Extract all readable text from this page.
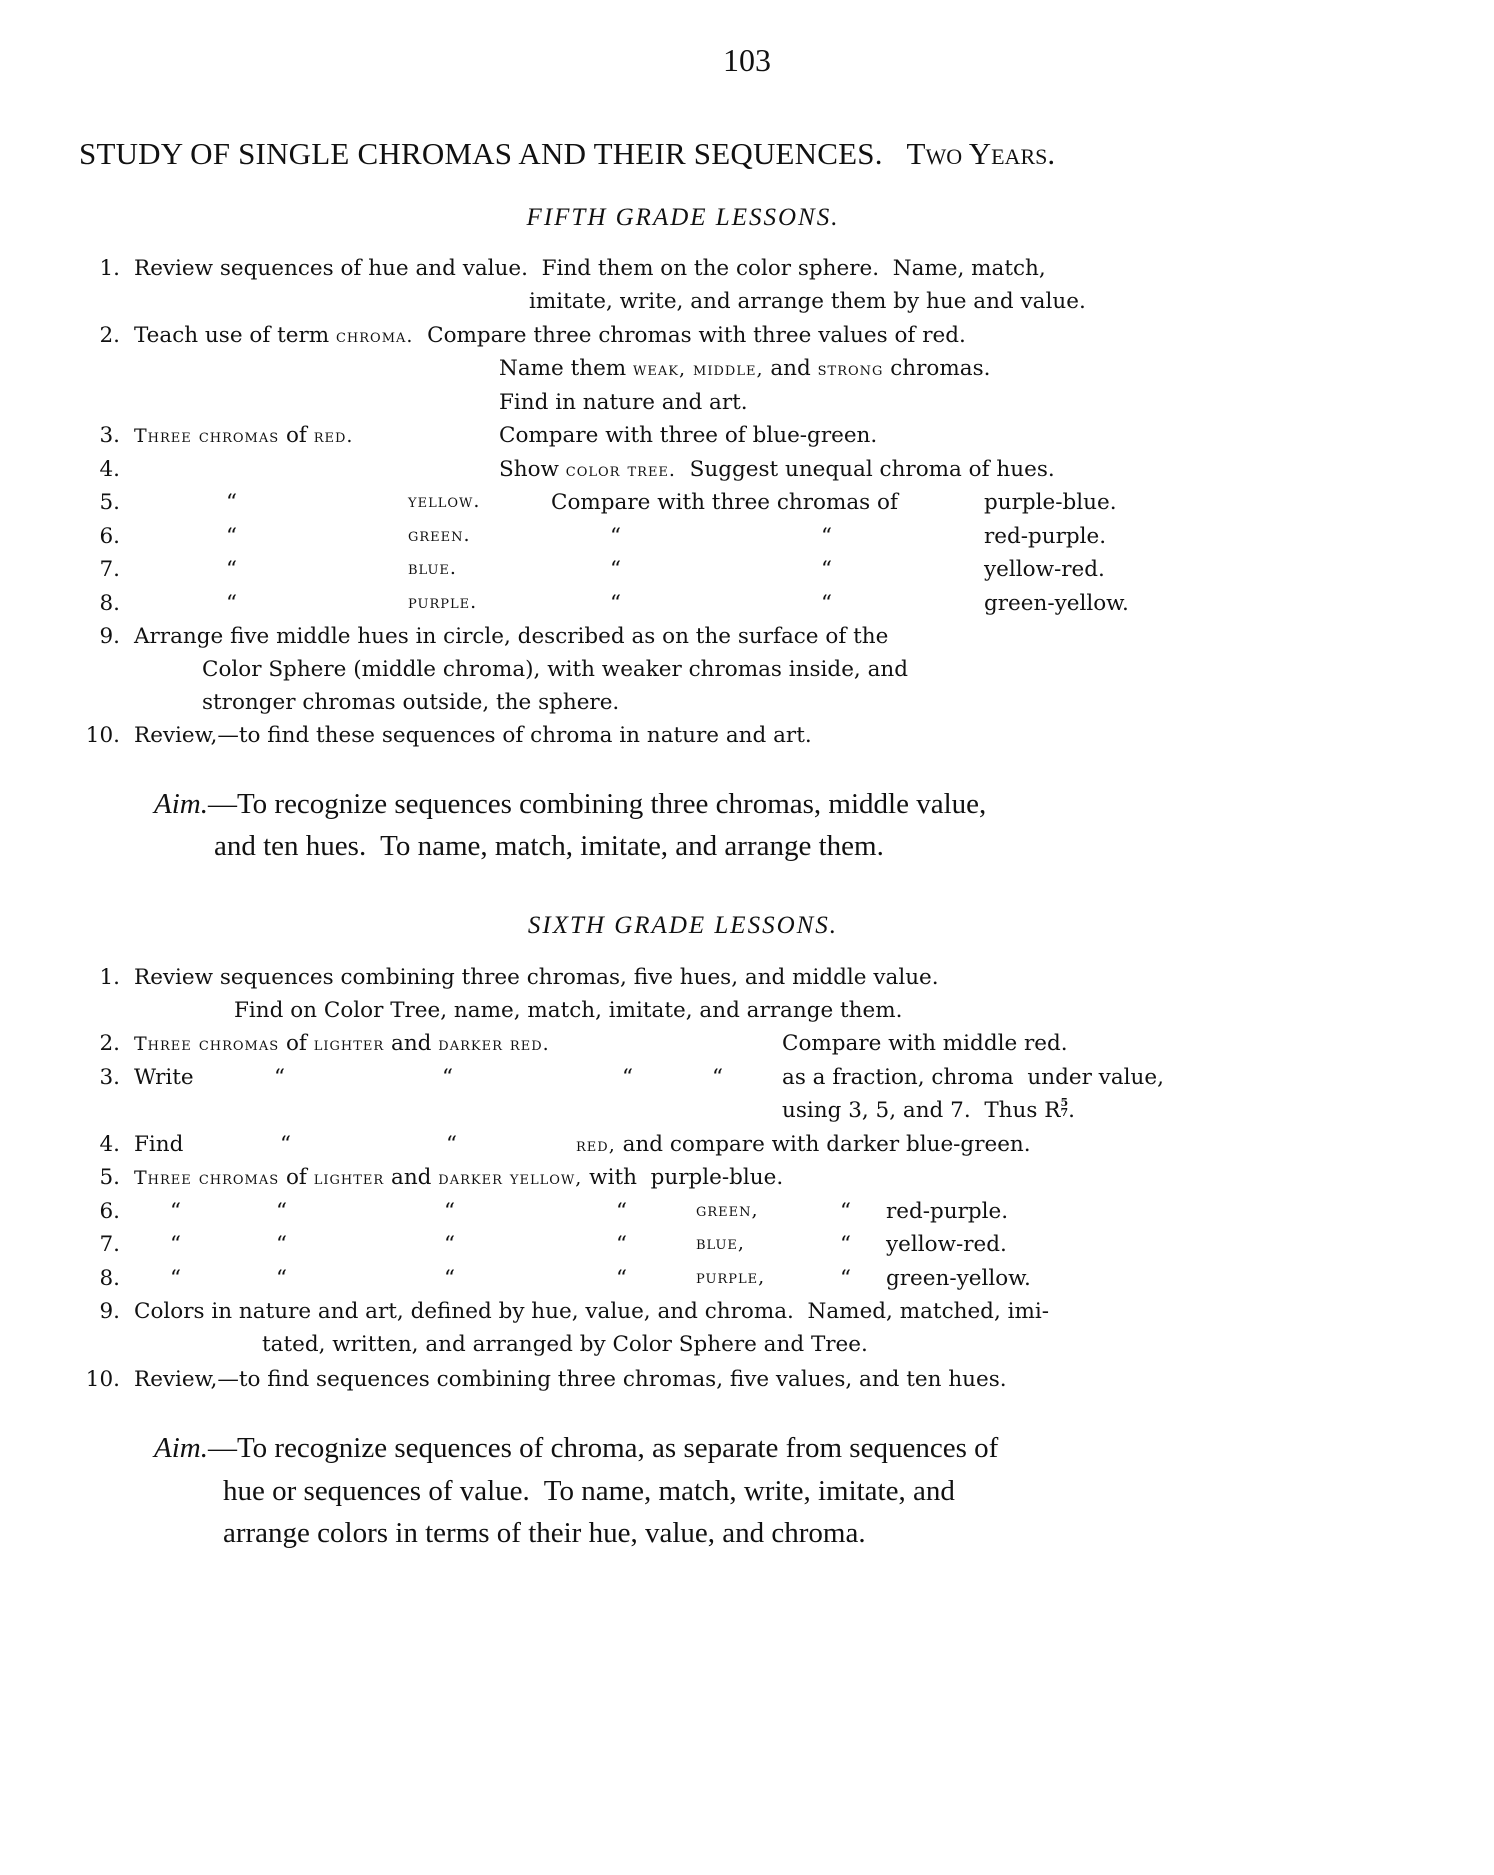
103
STUDY OF SINGLE CHROMAS AND THEIR SEQUENCES. Two Years.
FIFTH GRADE LESSONS.
1. Review sequences of hue and value.  Find them on the color sphere.  Name, match,
imitate, write, and arrange them by hue and value.
2. Teach use of term chroma.  Compare three chromas with three values of red.
Name them weak, middle, and strong chromas.
Find in nature and art.
3. Three chromas of red.	Compare with three of blue-green.
4.	Show color tree.  Suggest unequal chroma of hues.
5.	“	yellow.	Compare with three chromas of	purple-blue.
6.	“	green.	“	“	red-purple.
7.	“	blue.	“	“	yellow-red.
8.	“	purple.	“	“	green-yellow.
9. Arrange five middle hues in circle, described as on the surface of the
Color Sphere (middle chroma), with weaker chromas inside, and
stronger chromas outside, the sphere.
10. Review,—to find these sequences of chroma in nature and art.
Aim.—To recognize sequences combining three chromas, middle value,
and ten hues.  To name, match, imitate, and arrange them.
SIXTH GRADE LESSONS.
1. Review sequences combining three chromas, five hues, and middle value.
Find on Color Tree, name, match, imitate, and arrange them.
2. Three chromas of lighter and darker red.	Compare with middle red.
3. Write	“	“	“	“	as a fraction, chroma  under value,
using 3, 5, and 7.  Thus R 5
7 .
4. Find	“	“	red, and compare with darker blue-green.
5. Three chromas of lighter and darker yellow, with  purple-blue.
6. “	“	“	“	green,	“ red-purple.
7. “	“	“	“	blue,	“ yellow-red.
8. “	“	“	“	purple,	“ green-yellow.
9. Colors in nature and art, defined by hue, value, and chroma.  Named, matched, imi-
tated, written, and arranged by Color Sphere and Tree.
10. Review,—to find sequences combining three chromas, five values, and ten hues.
Aim.—To recognize sequences of chroma, as separate from sequences of
hue or sequences of value.  To name, match, write, imitate, and
arrange colors in terms of their hue, value, and chroma.
